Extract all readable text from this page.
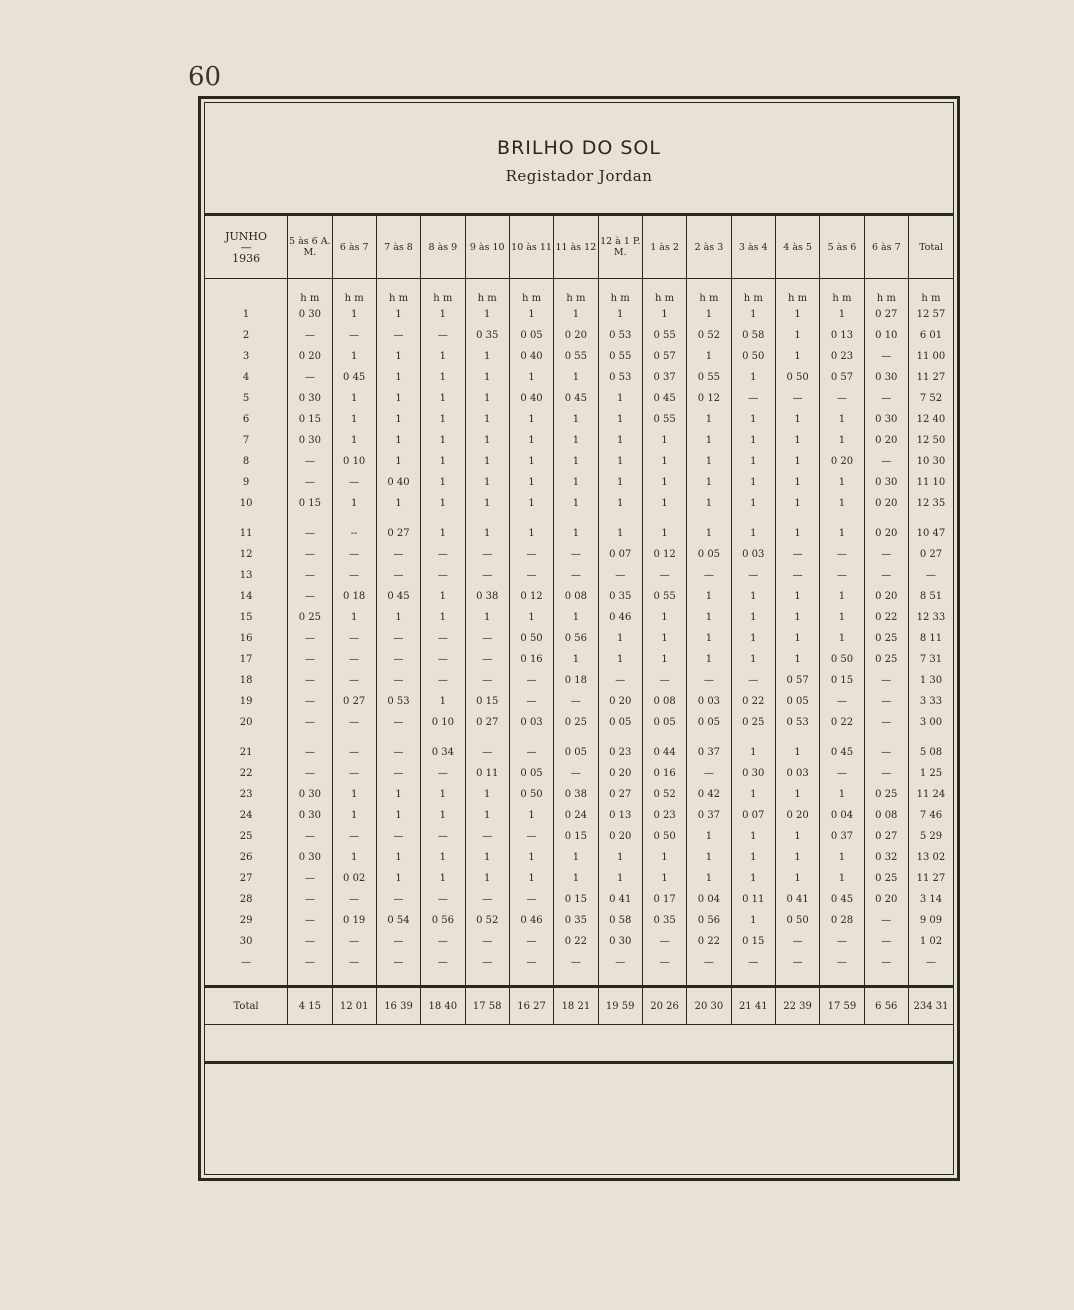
60
BRILHO DO SOL
Registador Jordan
JUNHO
—
1936	5 às 6 A. M.	6 às 7	7 às 8	8 às 9	9 às 10	10 às 11	11 às 12	12 à 1 P. M.	1 às 2	2 às 3	3 às 4	4 às 5	5 às 6	6 às 7	Total

	h m	h m	h m	h m	h m	h m	h m	h m	h m	h m	h m	h m	h m	h m	h m
1	0 30	1	1	1	1	1	1	1	1	1	1	1	1	0 27	12 57
2	—	—	—	—	0 35	0 05	0 20	0 53	0 55	0 52	0 58	1	0 13	0 10	6 01
3	0 20	1	1	1	1	0 40	0 55	0 55	0 57	1	0 50	1	0 23	—	11 00
4	—	0 45	1	1	1	1	1	0 53	0 37	0 55	1	0 50	0 57	0 30	11 27
5	0 30	1	1	1	1	0 40	0 45	1	0 45	0 12	—	—	—	—	7 52
6	0 15	1	1	1	1	1	1	1	0 55	1	1	1	1	0 30	12 40
7	0 30	1	1	1	1	1	1	1	1	1	1	1	1	0 20	12 50
8	—	0 10	1	1	1	1	1	1	1	1	1	1	0 20	—	10 30
9	—	—	0 40	1	1	1	1	1	1	1	1	1	1	0 30	11 10
10	0 15	1	1	1	1	1	1	1	1	1	1	1	1	0 20	12 35

11	—	--	0 27	1	1	1	1	1	1	1	1	1	1	0 20	10 47
12	—	—	—	—	—	—	—	0 07	0 12	0 05	0 03	—	—	—	0 27
13	—	—	—	—	—	—	—	—	—	—	—	—	—	—	—
14	—	0 18	0 45	1	0 38	0 12	0 08	0 35	0 55	1	1	1	1	0 20	8 51
15	0 25	1	1	1	1	1	1	0 46	1	1	1	1	1	0 22	12 33
16	—	—	—	—	—	0 50	0 56	1	1	1	1	1	1	0 25	8 11
17	—	—	—	—	—	0 16	1	1	1	1	1	1	0 50	0 25	7 31
18	—	—	—	—	—	—	0 18	—	—	—	—	0 57	0 15	—	1 30
19	—	0 27	0 53	1	0 15	—	—	0 20	0 08	0 03	0 22	0 05	—	—	3 33
20	—	—	—	0 10	0 27	0 03	0 25	0 05	0 05	0 05	0 25	0 53	0 22	—	3 00

21	—	—	—	0 34	—	—	0 05	0 23	0 44	0 37	1	1	0 45	—	5 08
22	—	—	—	—	0 11	0 05	—	0 20	0 16	—	0 30	0 03	—	—	1 25
23	0 30	1	1	1	1	0 50	0 38	0 27	0 52	0 42	1	1	1	0 25	11 24
24	0 30	1	1	1	1	1	0 24	0 13	0 23	0 37	0 07	0 20	0 04	0 08	7 46
25	—	—	—	—	—	—	0 15	0 20	0 50	1	1	1	0 37	0 27	5 29
26	0 30	1	1	1	1	1	1	1	1	1	1	1	1	0 32	13 02
27	—	0 02	1	1	1	1	1	1	1	1	1	1	1	0 25	11 27
28	—	—	—	—	—	—	0 15	0 41	0 17	0 04	0 11	0 41	0 45	0 20	3 14
29	—	0 19	0 54	0 56	0 52	0 46	0 35	0 58	0 35	0 56	1	0 50	0 28	—	9 09
30	—	—	—	—	—	—	0 22	0 30	—	0 22	0 15	—	—	—	1 02
—	—	—	—	—	—	—	—	—	—	—	—	—	—	—	—

Total	4 15	12 01	16 39	18 40	17 58	16 27	18 21	19 59	20 26	20 30	21 41	22 39	17 59	6 56	234 31
